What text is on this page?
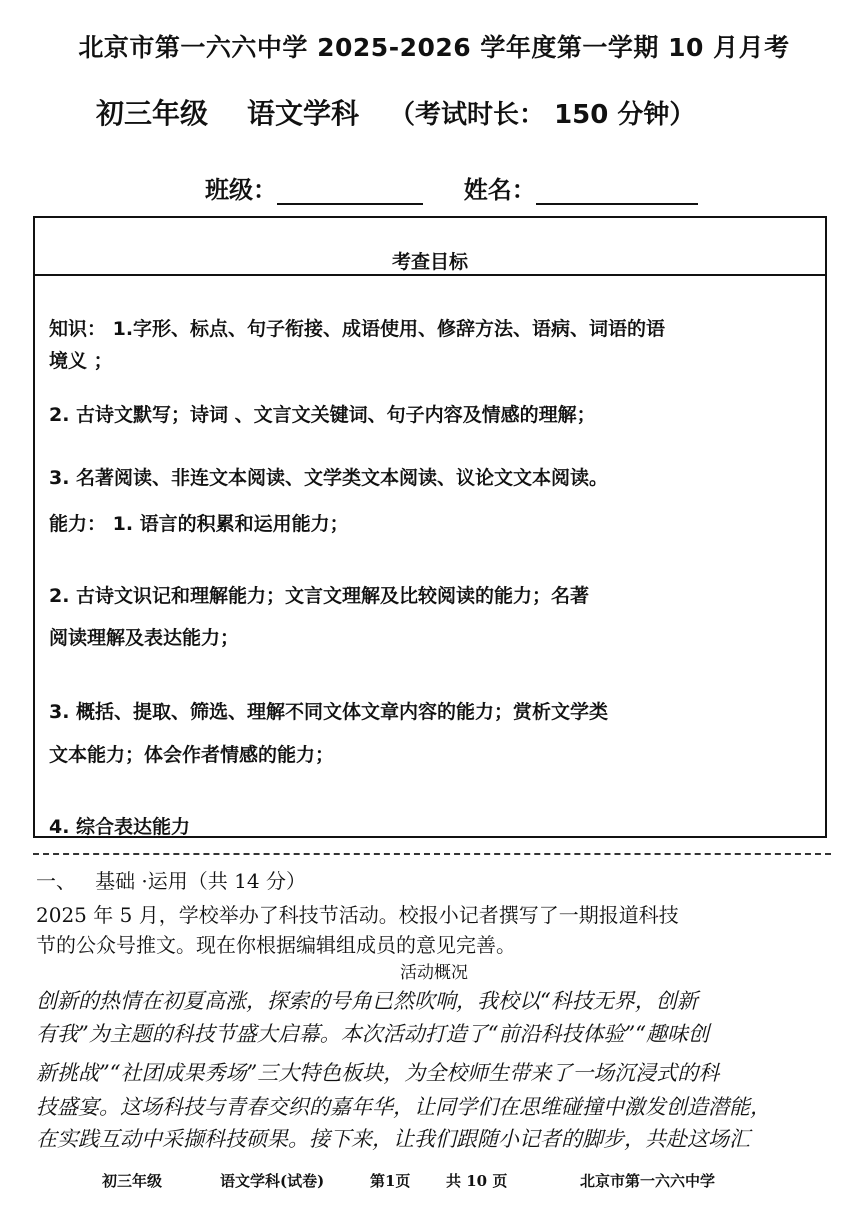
北京市第一六六中学 2025-2026 学年度第一学期 10 月月考
初三年级 语文学科 （考试时长： 150 分钟）
班级：	姓名：
考查目标
知识： 1.字形、标点、句子衔接、成语使用、修辞方法、语病、词语的语
境义 ；
2. 古诗文默写；诗词 、文言文关键词、句子内容及情感的理解；
3. 名著阅读、非连文本阅读、文学类文本阅读、议论文文本阅读。
能力： 1. 语言的积累和运用能力；
2. 古诗文识记和理解能力；文言文理解及比较阅读的能力；名著
阅读理解及表达能力；
3. 概括、提取、筛选、理解不同文体文章内容的能力；赏析文学类
文本能力；体会作者情感的能力；
4. 综合表达能力
一、   基础 ·运用（共 14 分）
2025 年 5 月，学校举办了科技节活动。校报小记者撰写了一期报道科技
节的公众号推文。现在你根据编辑组成员的意见完善。
活动概况
创新的热情在初夏高涨，探索的号角已然吹响，我校以“科技无界，创新
有我”为主题的科技节盛大启幕。本次活动打造了“前沿科技体验”“趣味创
新挑战”“社团成果秀场”三大特色板块，为全校师生带来了一场沉浸式的科
技盛宴。这场科技与青春交织的嘉年华，让同学们在思维碰撞中激发创造潜能，
在实践互动中采撷科技硕果。接下来，让我们跟随小记者的脚步，共赴这场汇
初三年级	语文学科(试卷)	第1页 共 10 页	北京市第一六六中学
